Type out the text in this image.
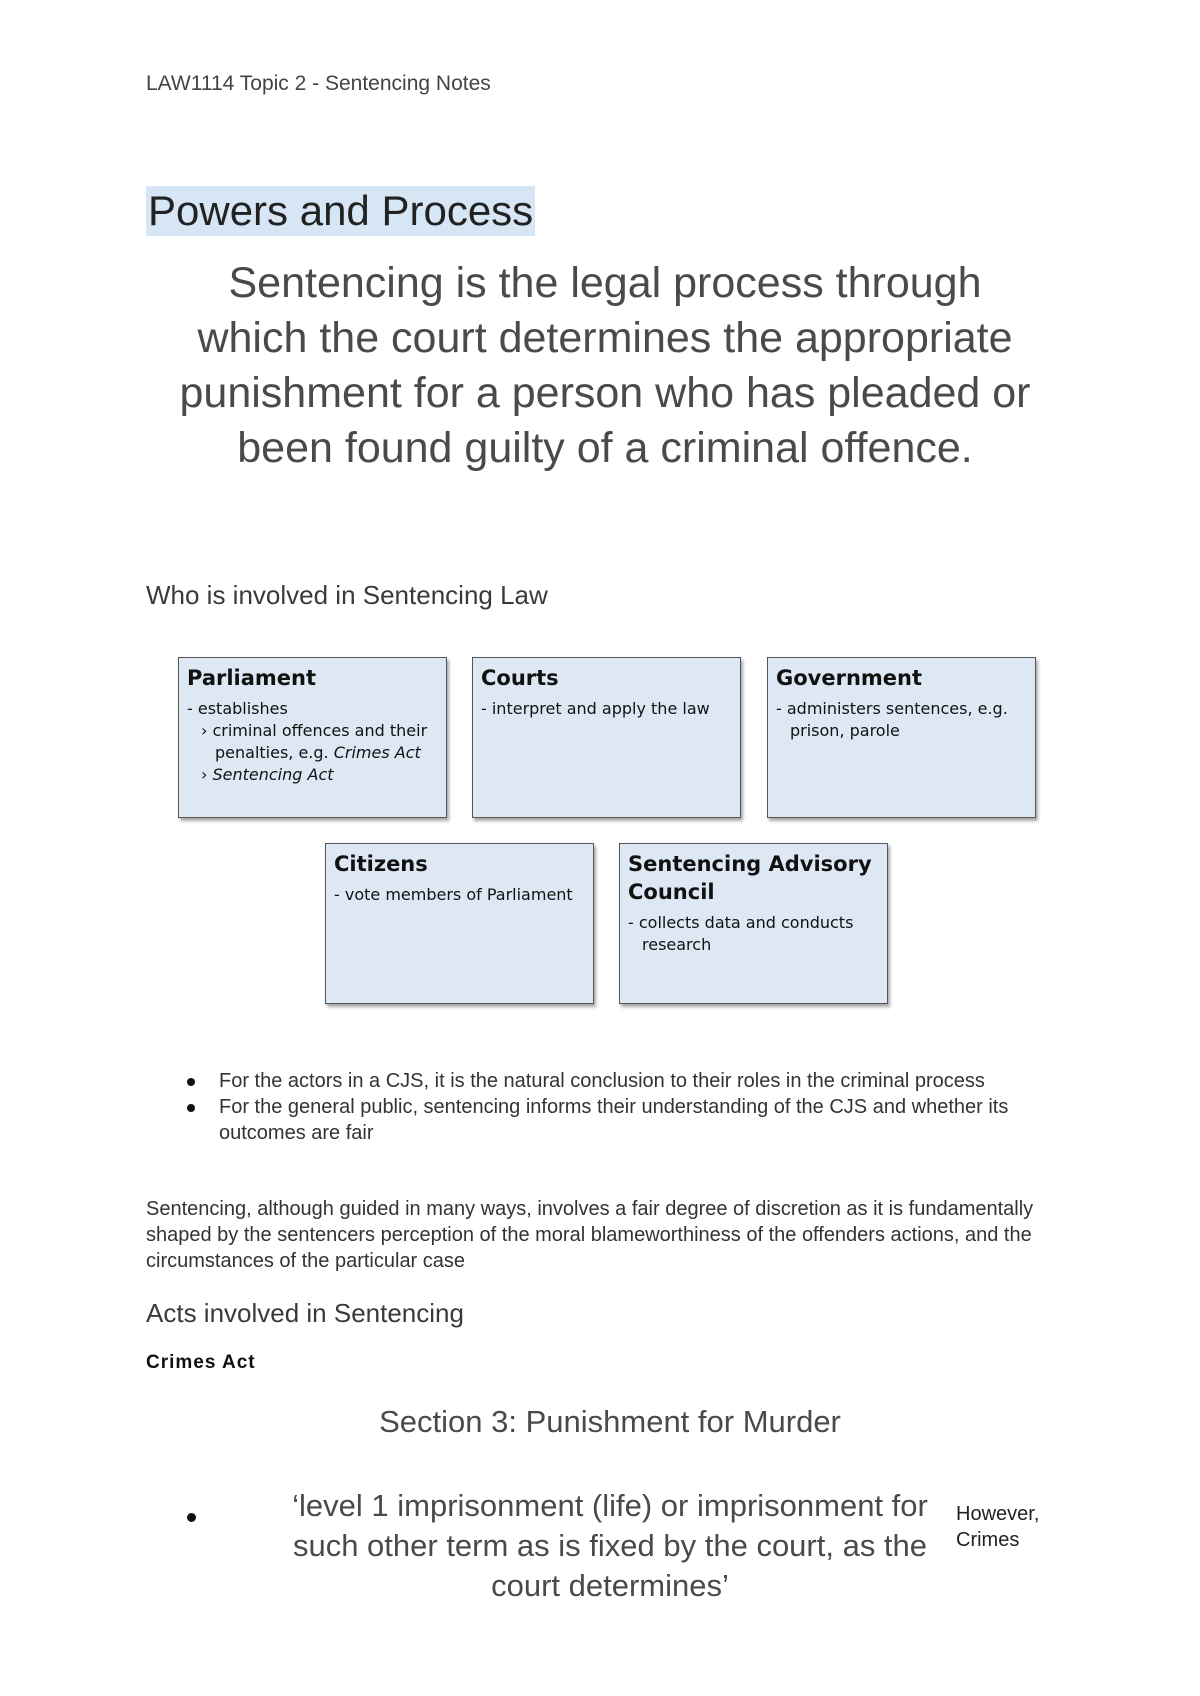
LAW1114 Topic 2 - Sentencing Notes
Powers and Process
Sentencing is the legal process through which the court determines the appropriate punishment for a person who has pleaded or been found guilty of a criminal offence.
Who is involved in Sentencing Law
Parliament
- establishes
› criminal offences and their
penalties, e.g. Crimes Act
› Sentencing Act
Courts
- interpret and apply the law
Government
- administers sentences, e.g.
prison, parole
Citizens
- vote members of Parliament
Sentencing Advisory Council
- collects data and conducts
research
For the actors in a CJS, it is the natural conclusion to their roles in the criminal process
For the general public, sentencing informs their understanding of the CJS and whether its outcomes are fair
Sentencing, although guided in many ways, involves a fair degree of discretion as it is fundamentally shaped by the sentencers perception of the moral blameworthiness of the offenders actions, and the circumstances of the particular case
Acts involved in Sentencing
Crimes Act
Section 3: Punishment for Murder
‘level 1 imprisonment (life) or imprisonment for such other term as is fixed by the court, as the court determines’
However, Crimes
